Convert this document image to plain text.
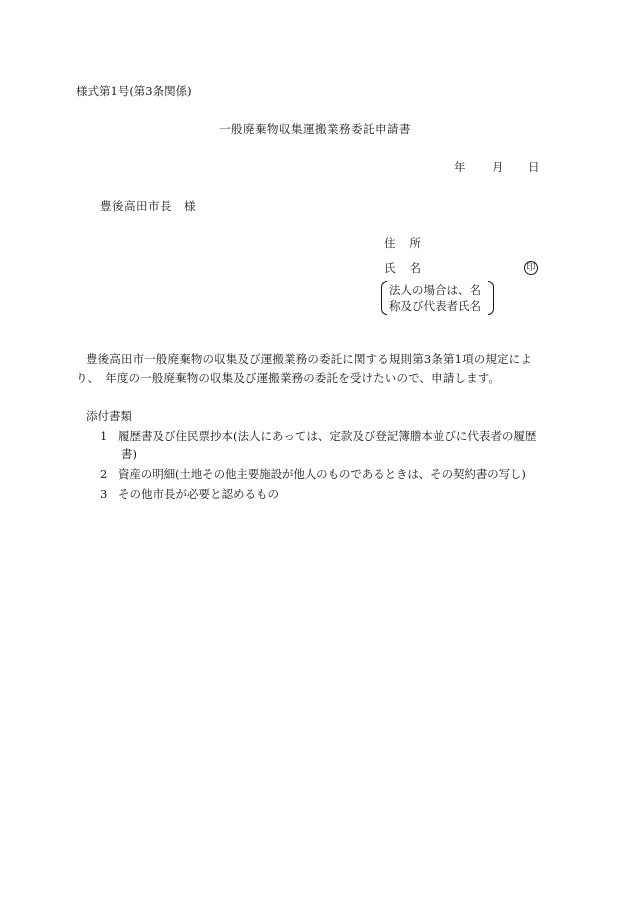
様式第1号(第3条関係)
一般廃棄物収集運搬業務委託申請書
年 月 日
豊後高田市長　様
住 所
氏 名	印
法人の場合は、名
称及び代表者氏名
豊後高田市一般廃棄物の収集及び運搬業務の委託に関する規則第3条第1項の規定によ
り、　年度の一般廃棄物の収集及び運搬業務の委託を受けたいので、申請します。
添付書類
1 履歴書及び住民票抄本(法人にあっては、定款及び登記簿謄本並びに代表者の履歴
書)
2 資産の明細(土地その他主要施設が他人のものであるときは、その契約書の写し)
3 その他市長が必要と認めるもの
